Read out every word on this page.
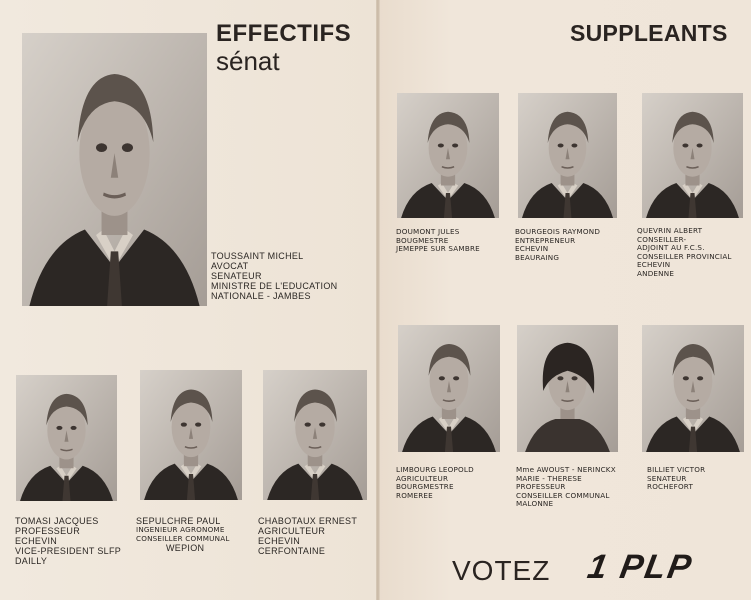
EFFECTIFS
sénat
TOUSSAINT MICHEL
AVOCAT
SENATEUR
MINISTRE DE L'EDUCATION
NATIONALE - JAMBES
TOMASI JACQUES
PROFESSEUR
ECHEVIN
VICE-PRESIDENT SLFP
DAILLY
SEPULCHRE PAUL
INGENIEUR AGRONOME
CONSEILLER COMMUNAL
WEPION
CHABOTAUX ERNEST
AGRICULTEUR
ECHEVIN
CERFONTAINE
SUPPLEANTS
DOUMONT JULES
BOUGMESTRE
JEMEPPE SUR SAMBRE
BOURGEOIS RAYMOND
ENTREPRENEUR
ECHEVIN
BEAURAING
QUEVRIN ALBERT
CONSEILLER-
ADJOINT AU F.C.S.
CONSEILLER PROVINCIAL
ECHEVIN
ANDENNE
LIMBOURG LEOPOLD
AGRICULTEUR
BOURGMESTRE
ROMEREE
Mme AWOUST - NERINCKX
MARIE - THERESE
PROFESSEUR
CONSEILLER COMMUNAL
MALONNE
BILLIET VICTOR
SENATEUR
ROCHEFORT
VOTEZ 1 PLP
